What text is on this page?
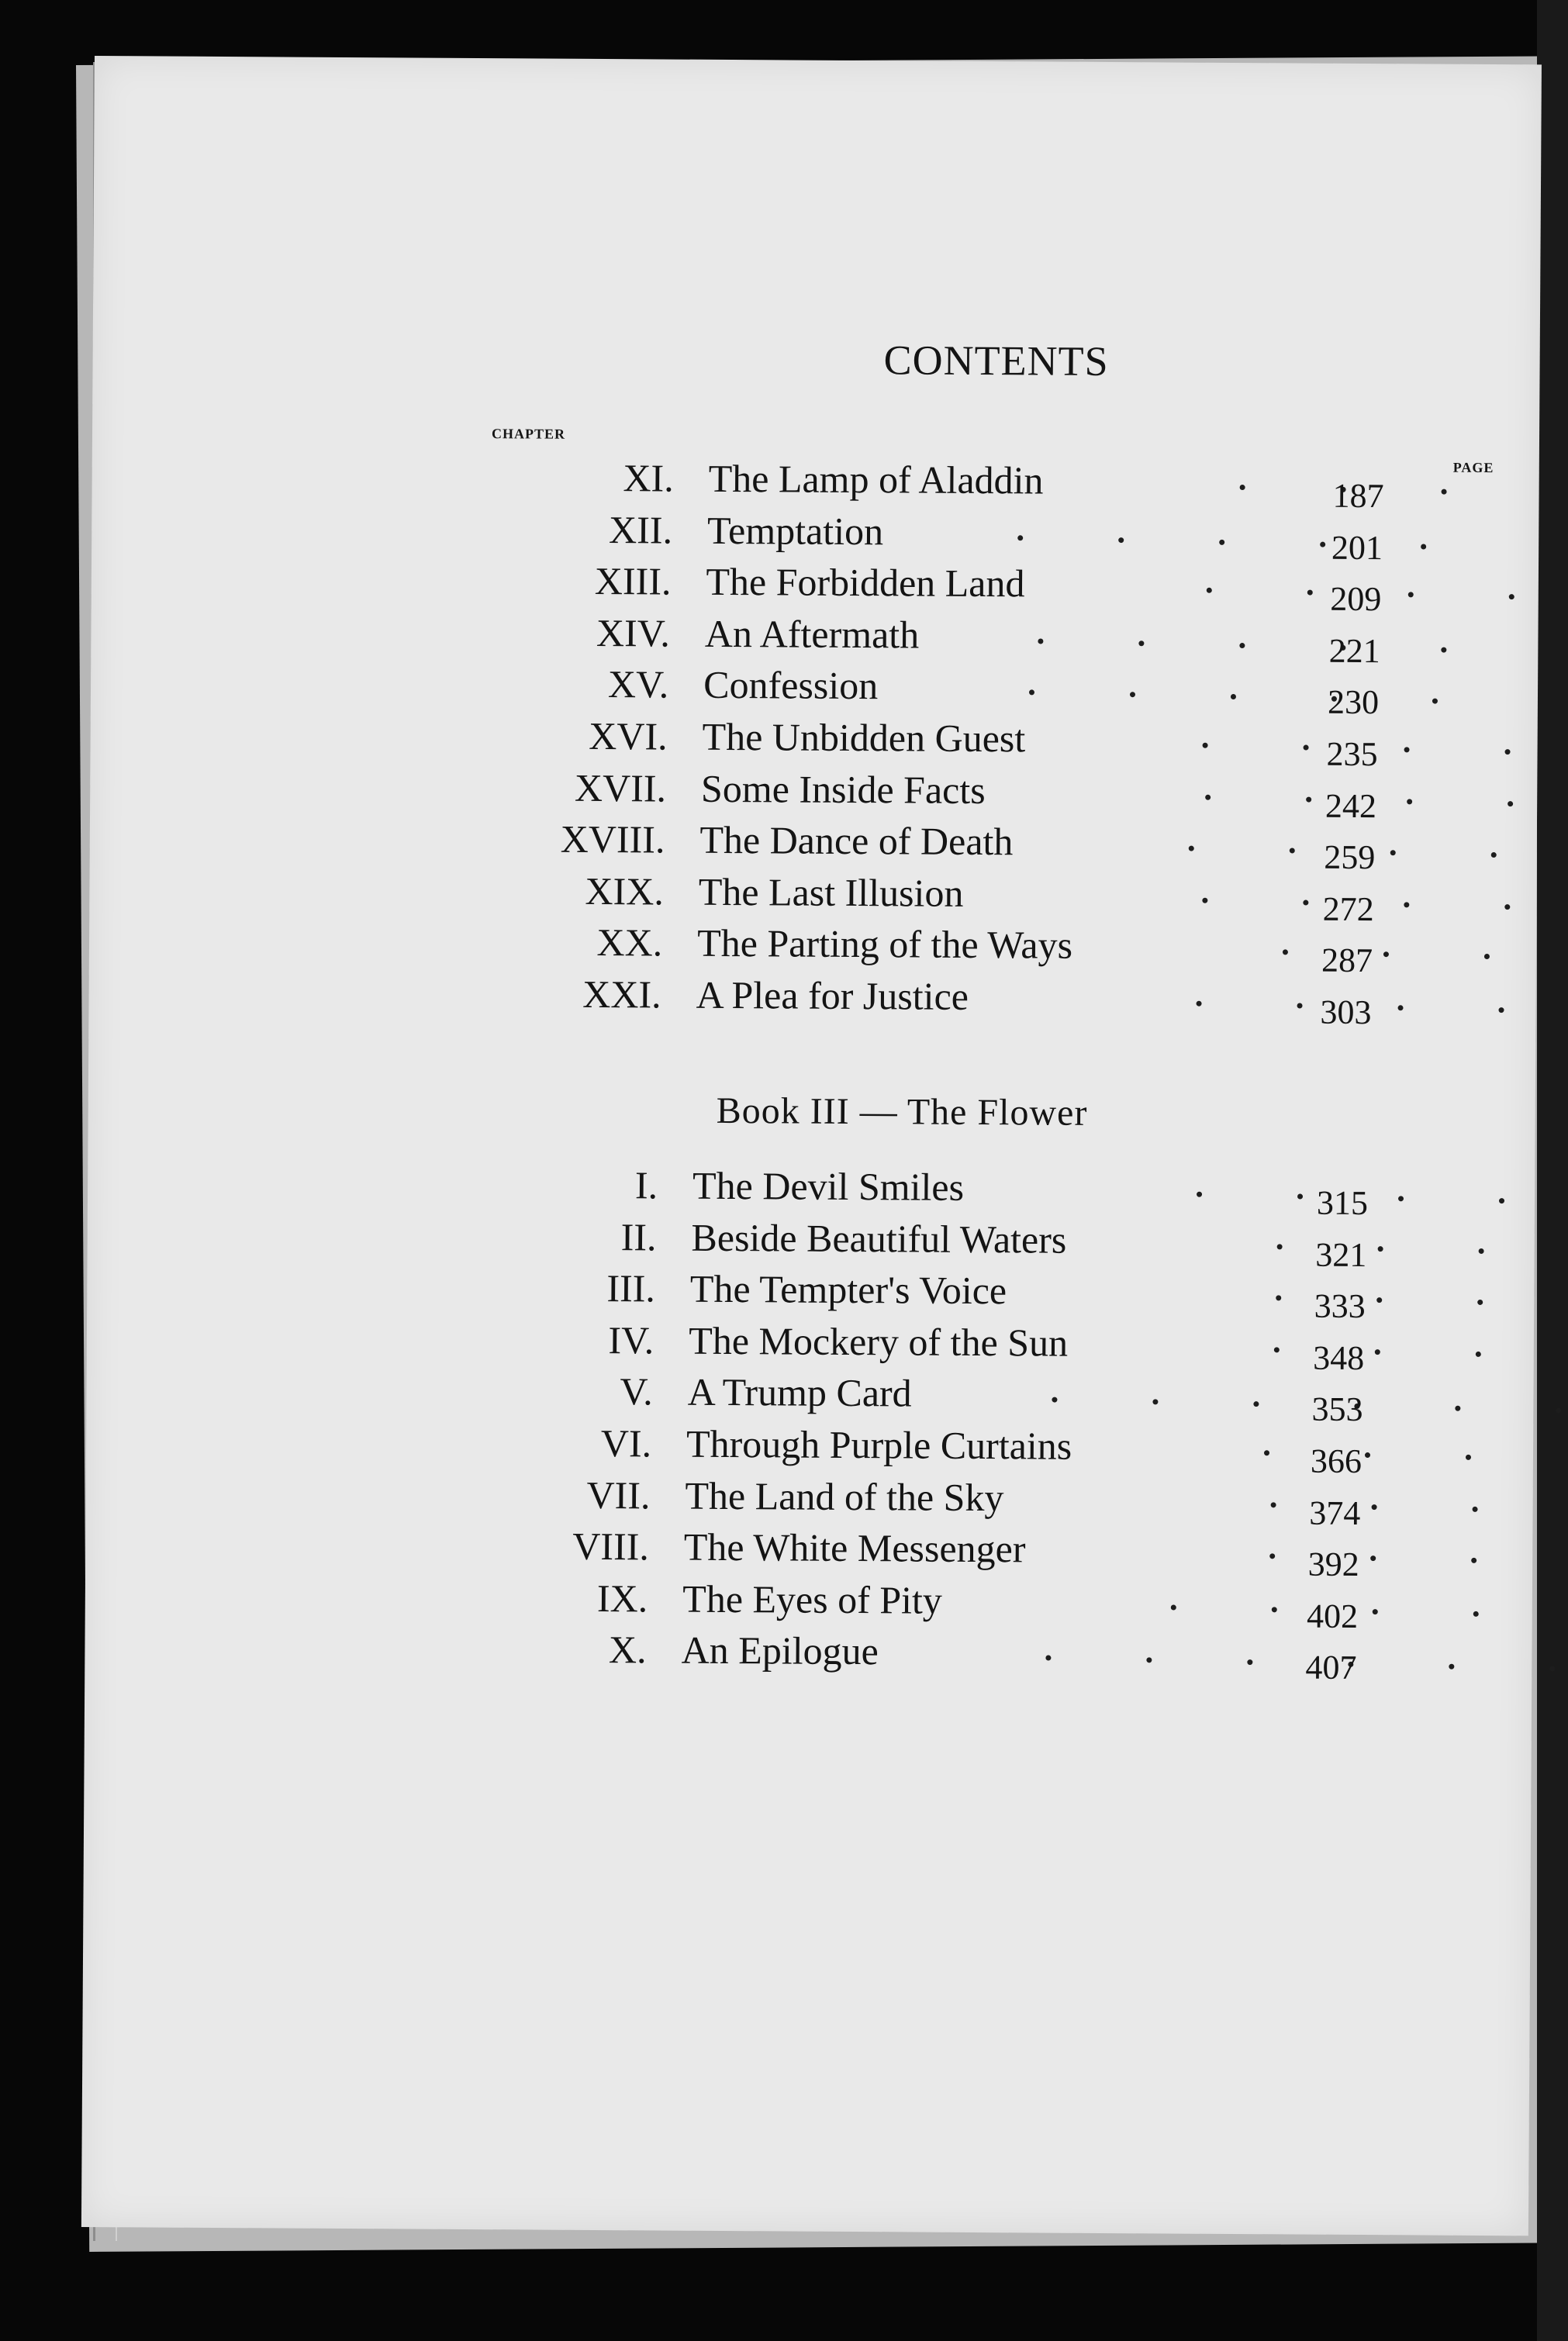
CONTENTS
CHAPTER
PAGE
XI. The Lamp of Aladdin	187
XII. Temptation	201
XIII. The Forbidden Land	209
XIV. An Aftermath	221
XV. Confession	230
XVI. The Unbidden Guest	235
XVII. Some Inside Facts	242
XVIII. The Dance of Death	259
XIX. The Last Illusion	272
XX. The Parting of the Ways	287
XXI. A Plea for Justice	303
Book III — The Flower
I. The Devil Smiles	315
II. Beside Beautiful Waters	321
III. The Tempter's Voice	333
IV. The Mockery of the Sun	348
V. A Trump Card	353
VI. Through Purple Curtains	366
VII. The Land of the Sky	374
VIII. The White Messenger	392
IX. The Eyes of Pity	402
X. An Epilogue	407
